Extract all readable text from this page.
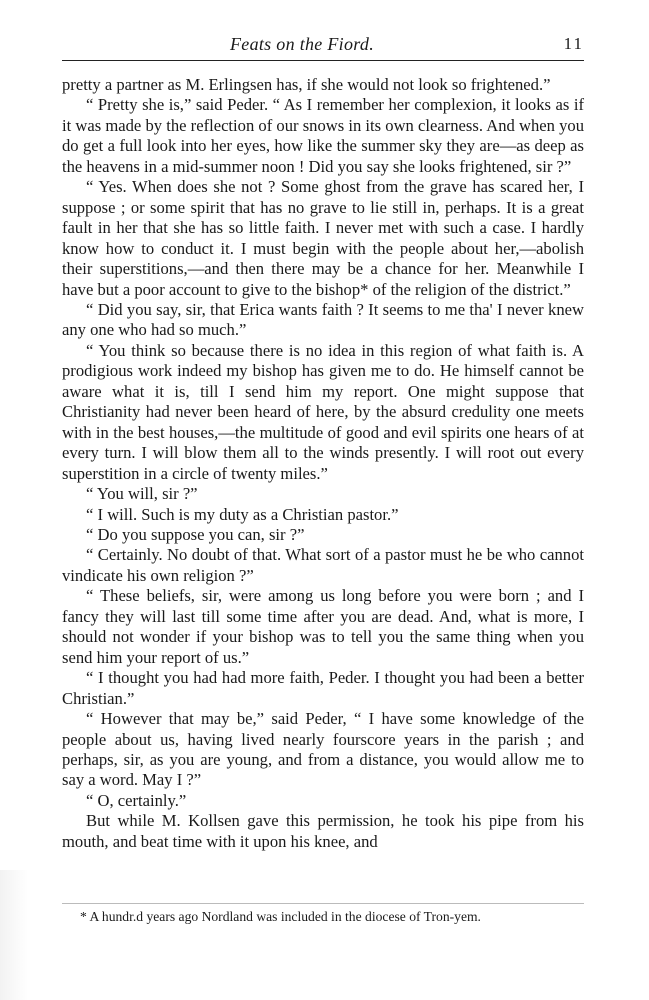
Feats on the Fiord.	11

pretty a partner as M. Erlingsen has, if she would not look so frightened.”

“ Pretty she is,” said Peder. “ As I remember her complexion, it looks as if it was made by the reflection of our snows in its own clearness. And when you do get a full look into her eyes, how like the summer sky they are—as deep as the heavens in a mid-summer noon ! Did you say she looks frightened, sir ?”

“ Yes. When does she not ? Some ghost from the grave has scared her, I suppose ; or some spirit that has no grave to lie still in, perhaps. It is a great fault in her that she has so little faith. I never met with such a case. I hardly know how to conduct it. I must begin with the people about her,—abolish their superstitions,—and then there may be a chance for her. Meanwhile I have but a poor account to give to the bishop* of the religion of the district.”

“ Did you say, sir, that Erica wants faith ? It seems to me tha' I never knew any one who had so much.”

“ You think so because there is no idea in this region of what faith is. A prodigious work indeed my bishop has given me to do. He himself cannot be aware what it is, till I send him my report. One might suppose that Christianity had never been heard of here, by the absurd credulity one meets with in the best houses,—the multitude of good and evil spirits one hears of at every turn. I will blow them all to the winds presently. I will root out every superstition in a circle of twenty miles.”

“ You will, sir ?”

“ I will. Such is my duty as a Christian pastor.”

“ Do you suppose you can, sir ?”

“ Certainly. No doubt of that. What sort of a pastor must he be who cannot vindicate his own religion ?”

“ These beliefs, sir, were among us long before you were born ; and I fancy they will last till some time after you are dead. And, what is more, I should not wonder if your bishop was to tell you the same thing when you send him your report of us.”

“ I thought you had had more faith, Peder. I thought you had been a better Christian.”

“ However that may be,” said Peder, “ I have some knowledge of the people about us, having lived nearly fourscore years in the parish ; and perhaps, sir, as you are young, and from a distance, you would allow me to say a word. May I ?”

“ O, certainly.”

But while M. Kollsen gave this permission, he took his pipe from his mouth, and beat time with it upon his knee, and

* A hundr.d years ago Nordland was included in the diocese of Tron-yem.
